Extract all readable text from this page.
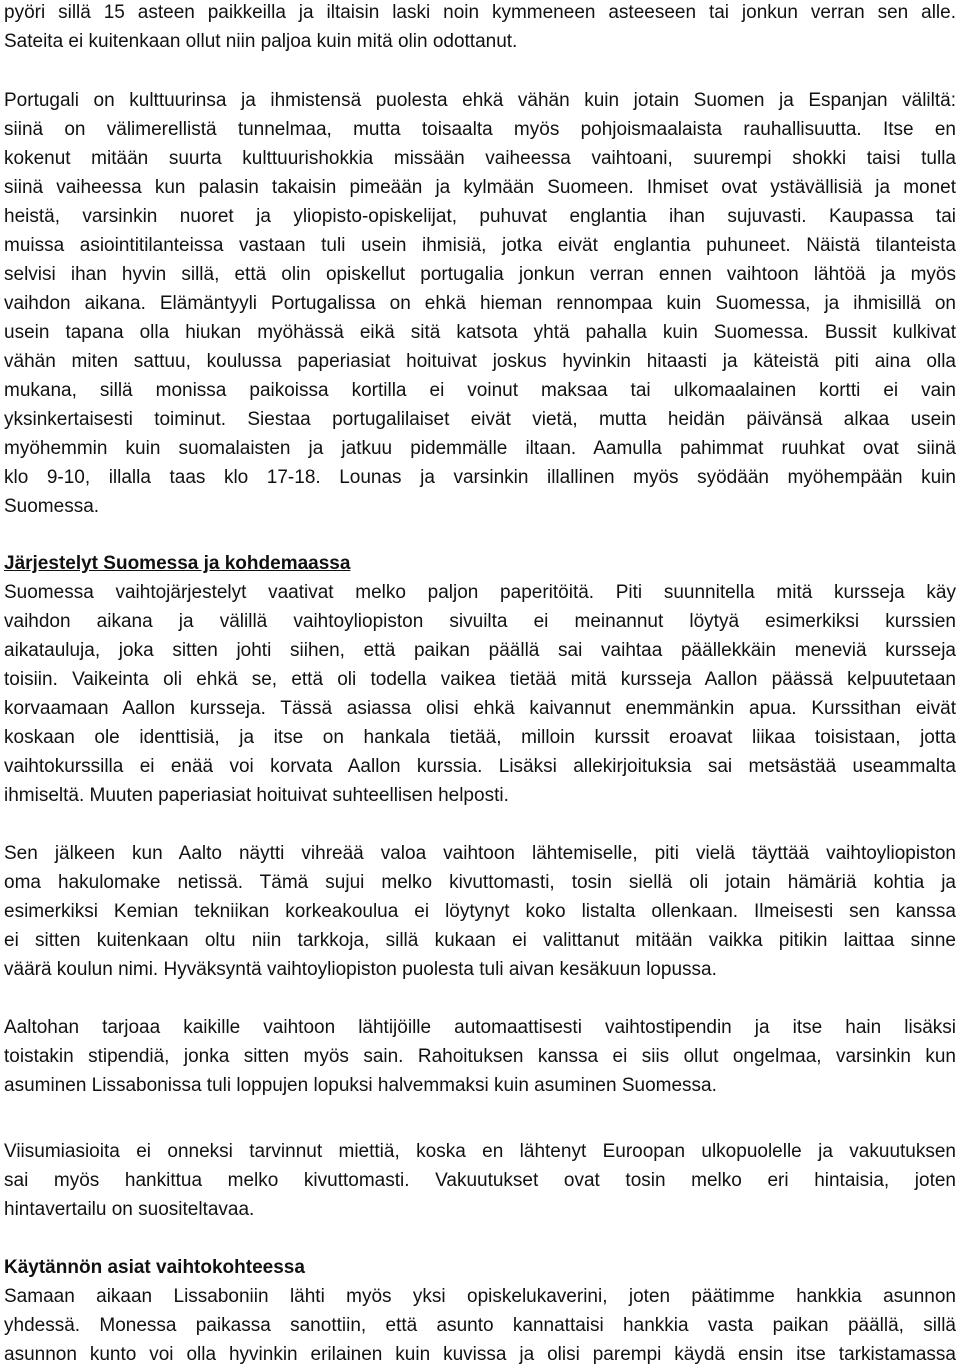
pyöri sillä 15 asteen paikkeilla ja iltaisin laski noin kymmeneen asteeseen tai jonkun verran sen alle.
Sateita ei kuitenkaan ollut niin paljoa kuin mitä olin odottanut.
Portugali on kulttuurinsa ja ihmistensä puolesta ehkä vähän kuin jotain Suomen ja Espanjan väliltä:
siinä on välimerellistä tunnelmaa, mutta toisaalta myös pohjoismaalaista rauhallisuutta. Itse en
kokenut mitään suurta kulttuurishokkia missään vaiheessa vaihtoani, suurempi shokki taisi tulla
siinä vaiheessa kun palasin takaisin pimeään ja kylmään Suomeen. Ihmiset ovat ystävällisiä ja monet
heistä, varsinkin nuoret ja yliopisto-opiskelijat, puhuvat englantia ihan sujuvasti. Kaupassa tai
muissa asiointitilanteissa vastaan tuli usein ihmisiä, jotka eivät englantia puhuneet. Näistä tilanteista
selvisi ihan hyvin sillä, että olin opiskellut portugalia jonkun verran ennen vaihtoon lähtöä ja myös
vaihdon aikana. Elämäntyyli Portugalissa on ehkä hieman rennompaa kuin Suomessa, ja ihmisillä on
usein tapana olla hiukan myöhässä eikä sitä katsota yhtä pahalla kuin Suomessa. Bussit kulkivat
vähän miten sattuu, koulussa paperiasiat hoituivat joskus hyvinkin hitaasti ja käteistä piti aina olla
mukana, sillä monissa paikoissa kortilla ei voinut maksaa tai ulkomaalainen kortti ei vain
yksinkertaisesti toiminut. Siestaa portugalilaiset eivät vietä, mutta heidän päivänsä alkaa usein
myöhemmin kuin suomalaisten ja jatkuu pidemmälle iltaan. Aamulla pahimmat ruuhkat ovat siinä
klo 9-10, illalla taas klo 17-18. Lounas ja varsinkin illallinen myös syödään myöhempään kuin
Suomessa.
Järjestelyt Suomessa ja kohdemaassa
Suomessa vaihtojärjestelyt vaativat melko paljon paperitöitä. Piti suunnitella mitä kursseja käy
vaihdon aikana ja välillä vaihtoyliopiston sivuilta ei meinannut löytyä esimerkiksi kurssien
aikatauluja, joka sitten johti siihen, että paikan päällä sai vaihtaa päällekkäin meneviä kursseja
toisiin. Vaikeinta oli ehkä se, että oli todella vaikea tietää mitä kursseja Aallon päässä kelpuutetaan
korvaamaan Aallon kursseja. Tässä asiassa olisi ehkä kaivannut enemmänkin apua. Kurssithan eivät
koskaan ole identtisiä, ja itse on hankala tietää, milloin kurssit eroavat liikaa toisistaan, jotta
vaihtokurssilla ei enää voi korvata Aallon kurssia. Lisäksi allekirjoituksia sai metsästää useammalta
ihmiseltä. Muuten paperiasiat hoituivat suhteellisen helposti.
Sen jälkeen kun Aalto näytti vihreää valoa vaihtoon lähtemiselle, piti vielä täyttää vaihtoyliopiston
oma hakulomake netissä. Tämä sujui melko kivuttomasti, tosin siellä oli jotain hämäriä kohtia ja
esimerkiksi Kemian tekniikan korkeakoulua ei löytynyt koko listalta ollenkaan. Ilmeisesti sen kanssa
ei sitten kuitenkaan oltu niin tarkkoja, sillä kukaan ei valittanut mitään vaikka pitikin laittaa sinne
väärä koulun nimi. Hyväksyntä vaihtoyliopiston puolesta tuli aivan kesäkuun lopussa.
Aaltohan tarjoaa kaikille vaihtoon lähtijöille automaattisesti vaihtostipendin ja itse hain lisäksi
toistakin stipendiä, jonka sitten myös sain. Rahoituksen kanssa ei siis ollut ongelmaa, varsinkin kun
asuminen Lissabonissa tuli loppujen lopuksi halvemmaksi kuin asuminen Suomessa.
Viisumiasioita ei onneksi tarvinnut miettiä, koska en lähtenyt Euroopan ulkopuolelle ja vakuutuksen
sai myös hankittua melko kivuttomasti. Vakuutukset ovat tosin melko eri hintaisia, joten
hintavertailu on suositeltavaa.
Käytännön asiat vaihtokohteessa
Samaan aikaan Lissaboniin lähti myös yksi opiskelukaverini, joten päätimme hankkia asunnon
yhdessä. Monessa paikassa sanottiin, että asunto kannattaisi hankkia vasta paikan päällä, sillä
asunnon kunto voi olla hyvinkin erilainen kuin kuvissa ja olisi parempi käydä ensin itse tarkistamassa
